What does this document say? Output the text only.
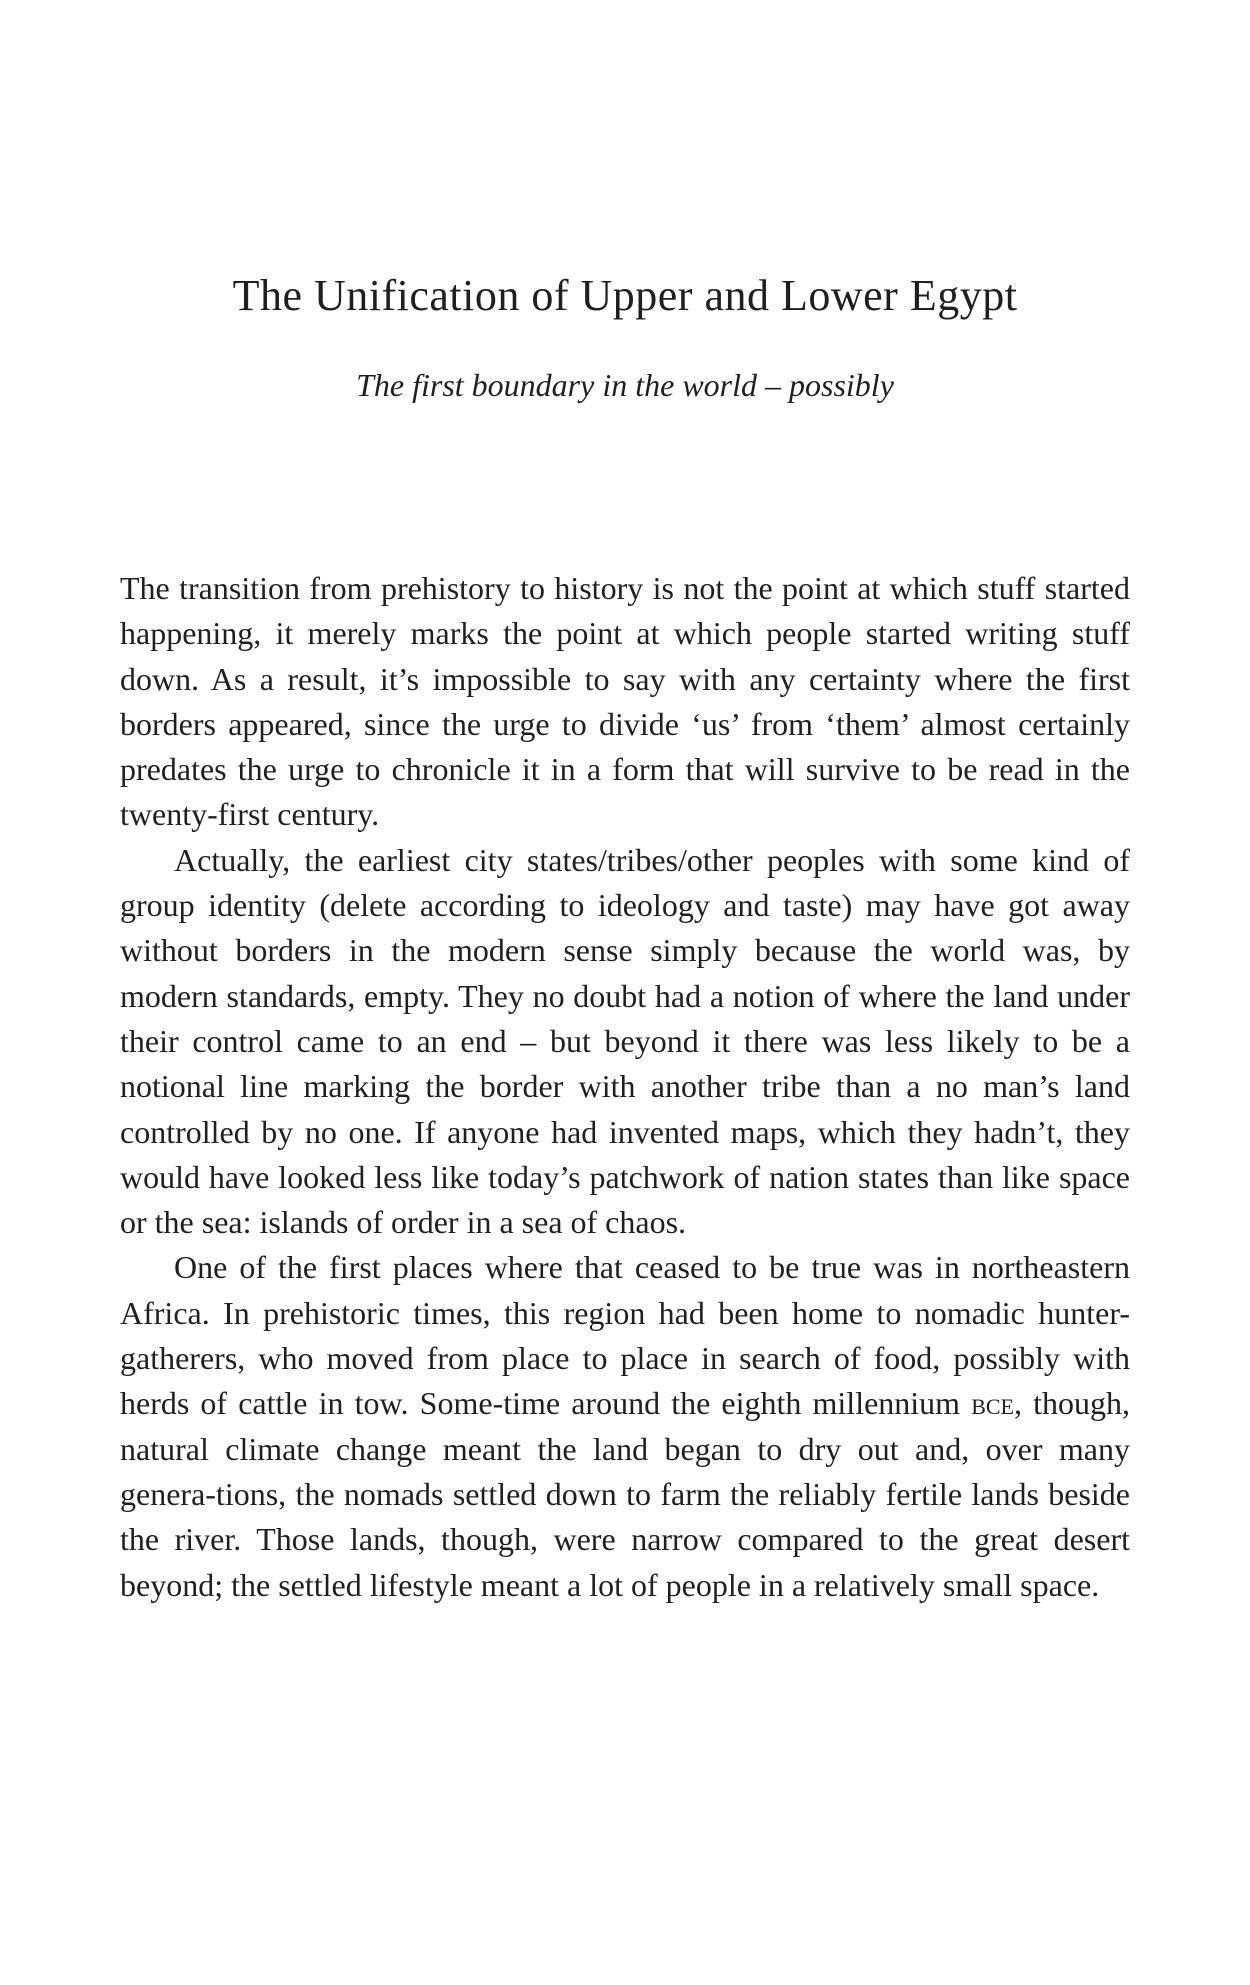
The Unification of Upper and Lower Egypt
The first boundary in the world – possibly

The transition from prehistory to history is not the point at which stuff started happening, it merely marks the point at which people started writing stuff down. As a result, it’s impossible to say with any certainty where the first borders appeared, since the urge to divide ‘us’ from ‘them’ almost certainly predates the urge to chronicle it in a form that will survive to be read in the twenty-first century.

Actually, the earliest city states/tribes/other peoples with some kind of group identity (delete according to ideology and taste) may have got away without borders in the modern sense simply because the world was, by modern standards, empty. They no doubt had a notion of where the land under their control came to an end – but beyond it there was less likely to be a notional line marking the border with another tribe than a no man’s land controlled by no one. If anyone had invented maps, which they hadn’t, they would have looked less like today’s patchwork of nation states than like space or the sea: islands of order in a sea of chaos.

One of the first places where that ceased to be true was in northeastern Africa. In prehistoric times, this region had been home to nomadic hunter-gatherers, who moved from place to place in search of food, possibly with herds of cattle in tow. Some-time around the eighth millennium bce, though, natural climate change meant the land began to dry out and, over many genera-tions, the nomads settled down to farm the reliably fertile lands beside the river. Those lands, though, were narrow compared to the great desert beyond; the settled lifestyle meant a lot of people in a relatively small space.
